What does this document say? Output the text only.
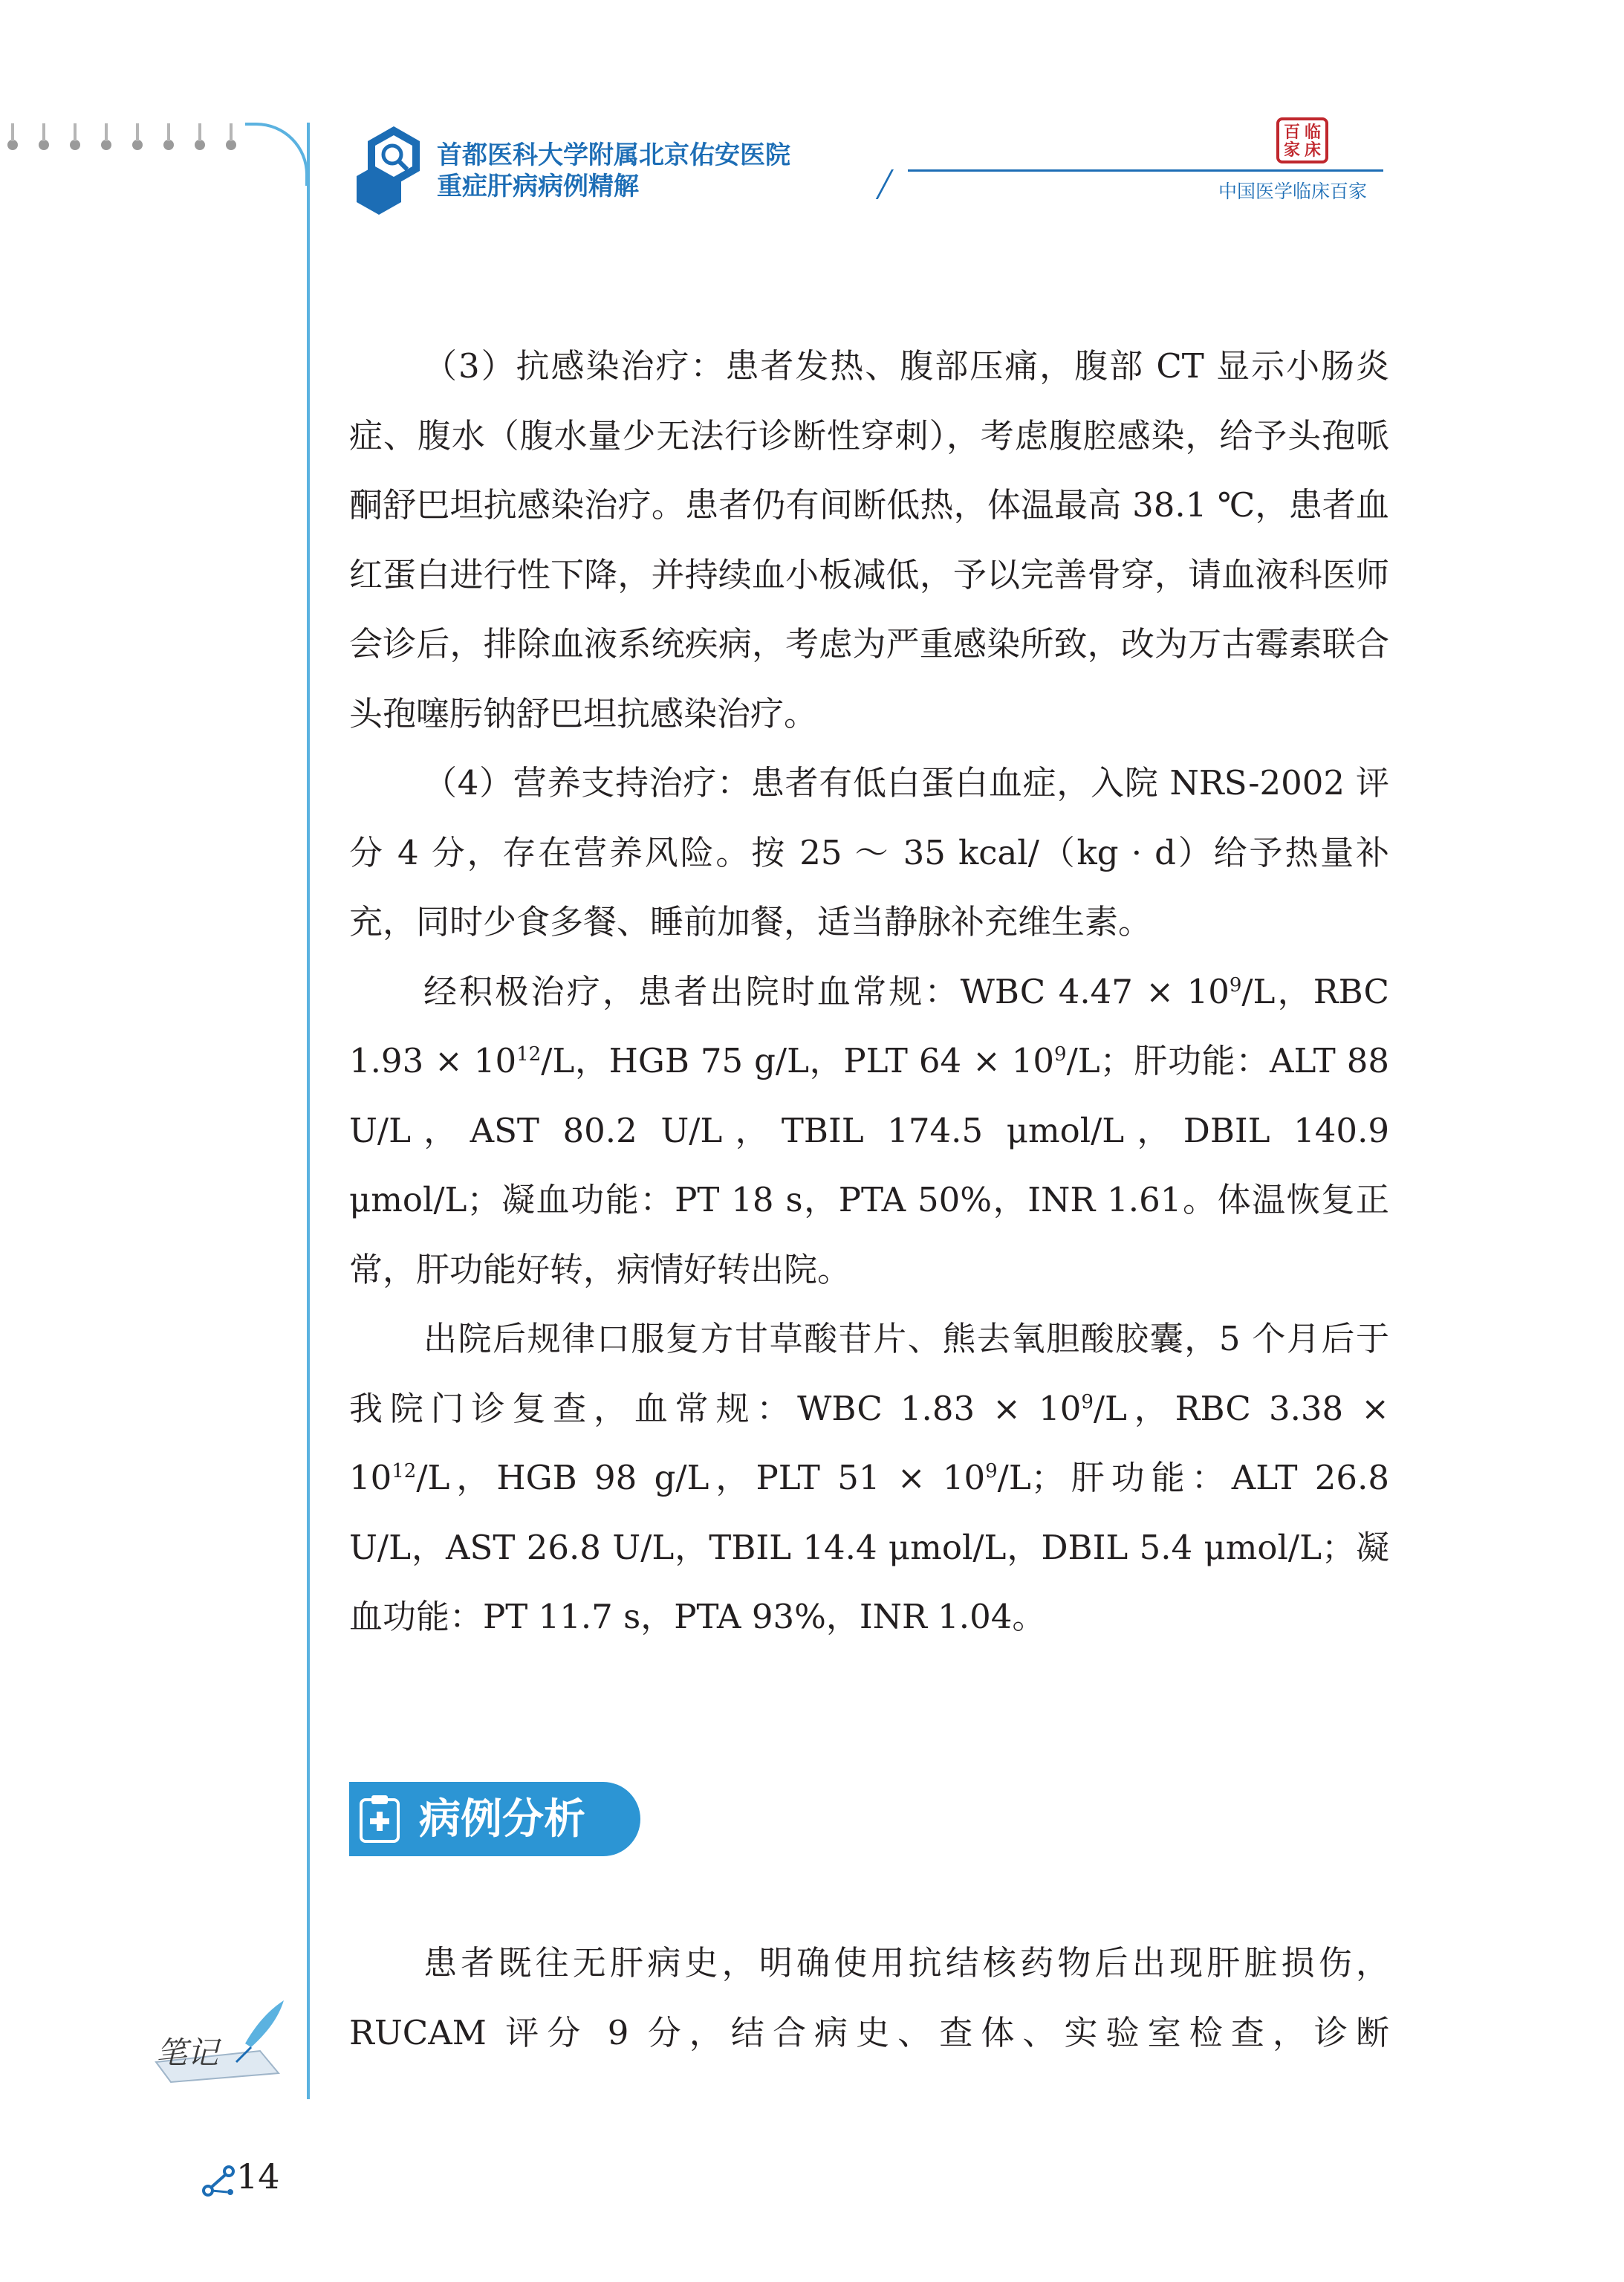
首都医科大学附属北京佑安医院
重症肝病病例精解
百 临
家 床
中国医学临床百家

（3）抗感染治疗：患者发热、腹部压痛，腹部 CT 显示小肠炎症、腹水（腹水量少无法行诊断性穿刺），考虑腹腔感染，给予头孢哌酮舒巴坦抗感染治疗。患者仍有间断低热，体温最高 38.1 ℃，患者血红蛋白进行性下降，并持续血小板减低，予以完善骨穿，请血液科医师会诊后，排除血液系统疾病，考虑为严重感染所致，改为万古霉素联合头孢噻肟钠舒巴坦抗感染治疗。

（4）营养支持治疗：患者有低白蛋白血症，入院 NRS-2002 评分 4 分，存在营养风险。按 25 ～ 35 kcal/（kg · d）给予热量补充，同时少食多餐、睡前加餐，适当静脉补充维生素。

经积极治疗，患者出院时血常规：WBC $4.47 \times 10^9/L$，RBC $1.93 \times 10^{12}/L$，HGB 75 g/L，PLT $64 \times 10^9/L$；肝功能：ALT 88 U/L，AST 80.2 U/L，TBIL 174.5 μmol/L，DBIL 140.9 μmol/L；凝血功能：PT 18 s，PTA 50%，INR 1.61。体温恢复正常，肝功能好转，病情好转出院。

出院后规律口服复方甘草酸苷片、熊去氧胆酸胶囊，5 个月后于我院门诊复查，血常规：WBC $1.83 \times 10^9/L$，RBC $3.38 \times 10^{12}/L$，HGB 98 g/L，PLT $51 \times 10^9/L$；肝功能：ALT 26.8 U/L，AST 26.8 U/L，TBIL 14.4 μmol/L，DBIL 5.4 μmol/L；凝血功能：PT 11.7 s，PTA 93%，INR 1.04。

病例分析

患者既往无肝病史，明确使用抗结核药物后出现肝脏损伤，RUCAM 评分 9 分，结合病史、查体、实验室检查，诊断

笔记
14
